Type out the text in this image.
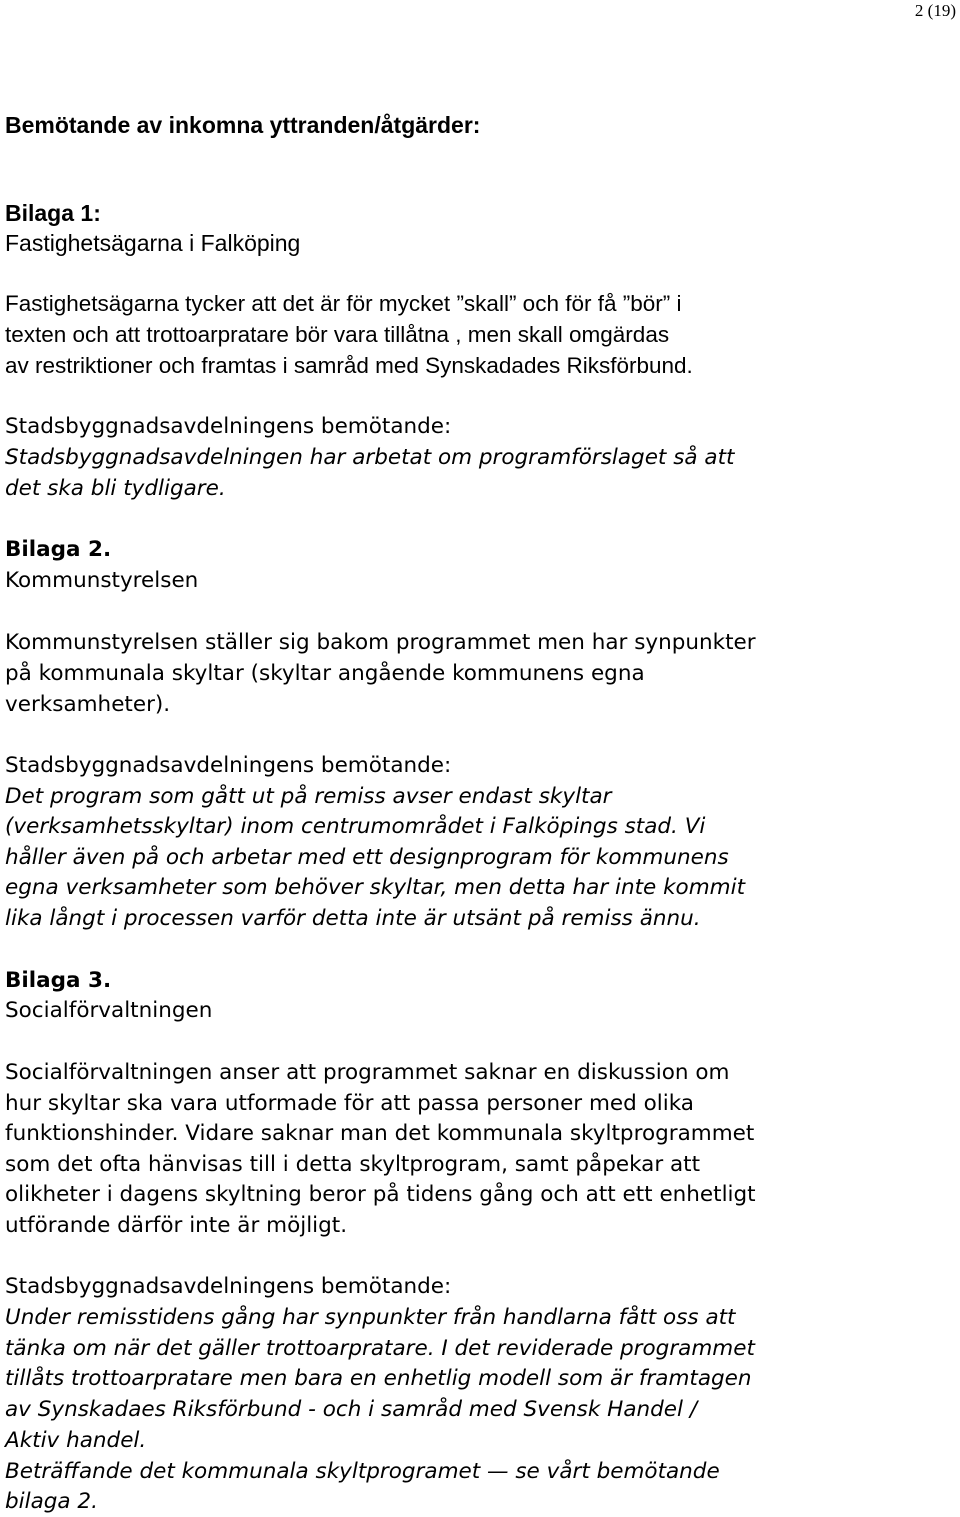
2 (19)
Bemötande av inkomna yttranden/åtgärder:
Bilaga 1:
Fastighetsägarna i Falköping
Fastighetsägarna tycker att det är för mycket ”skall” och för få ”bör” i
texten och att trottoarpratare bör vara tillåtna , men skall omgärdas
av restriktioner och framtas i samråd med Synskadades Riksförbund.
Stadsbyggnadsavdelningens bemötande:
Stadsbyggnadsavdelningen har arbetat om programförslaget så att
det ska bli tydligare.
Bilaga 2.
Kommunstyrelsen
Kommunstyrelsen ställer sig bakom programmet men har synpunkter
på kommunala skyltar (skyltar angående kommunens egna
verksamheter).
Stadsbyggnadsavdelningens bemötande:
Det program som gått ut på remiss avser endast skyltar
(verksamhetsskyltar) inom centrumområdet i Falköpings stad. Vi
håller även på och arbetar med ett designprogram för kommunens
egna verksamheter som behöver skyltar, men detta har inte kommit
lika långt i processen varför detta inte är utsänt på remiss ännu.
Bilaga 3.
Socialförvaltningen
Socialförvaltningen anser att programmet saknar en diskussion om
hur skyltar ska vara utformade för att passa personer med olika
funktionshinder. Vidare saknar man det kommunala skyltprogrammet
som det ofta hänvisas till i detta skyltprogram, samt påpekar att
olikheter i dagens skyltning beror på tidens gång och att ett enhetligt
utförande därför inte är möjligt.
Stadsbyggnadsavdelningens bemötande:
Under remisstidens gång har synpunkter från handlarna fått oss att
tänka om när det gäller trottoarpratare. I det reviderade programmet
tillåts trottoarpratare men bara en enhetlig modell som är framtagen
av Synskadaes Riksförbund - och i samråd med Svensk Handel /
Aktiv handel.
Beträffande det kommunala skyltprogramet — se vårt bemötande
bilaga 2.
